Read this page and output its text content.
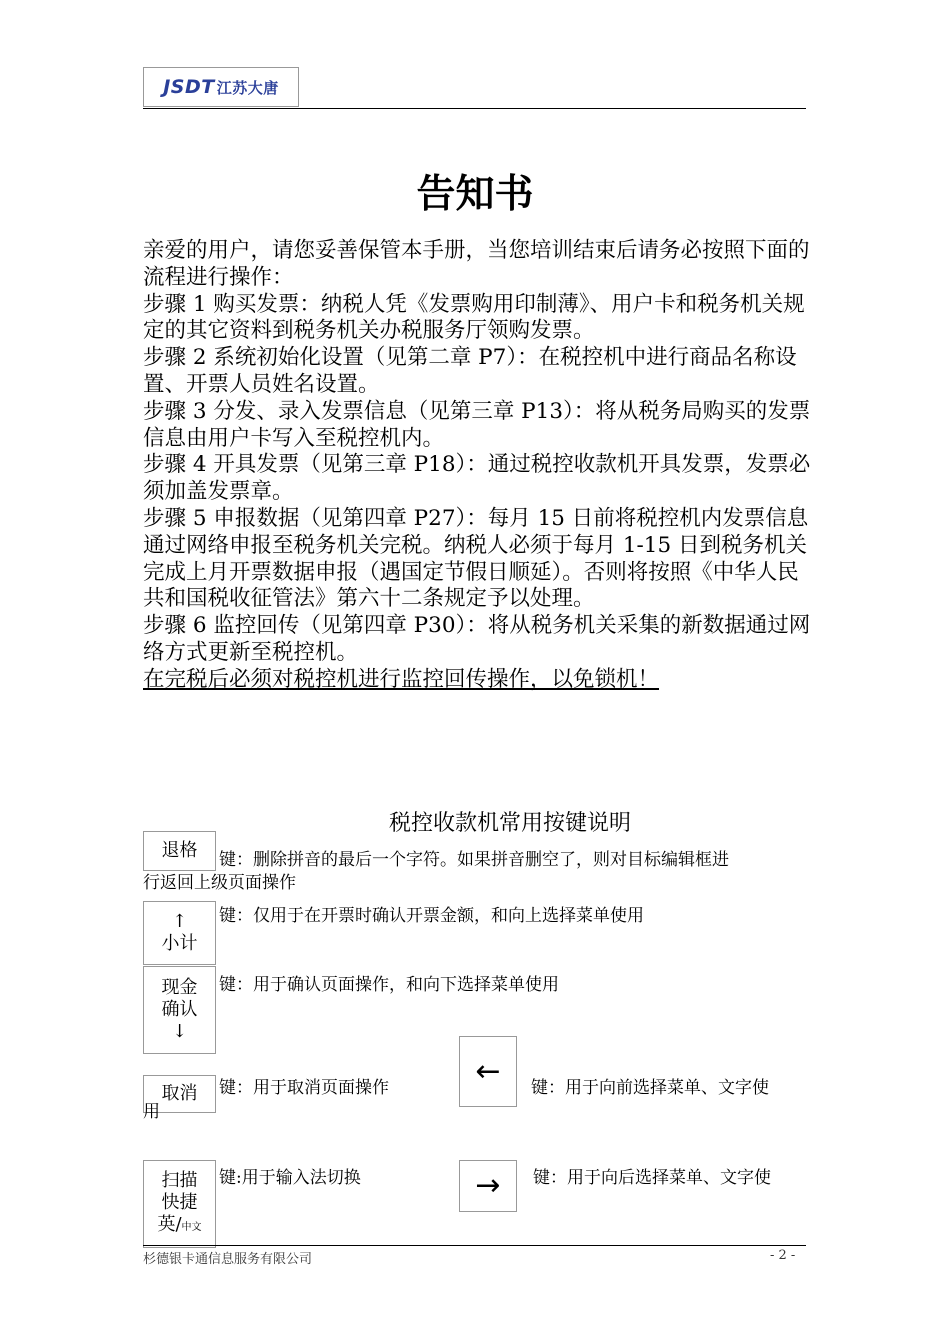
JSDT 江苏大唐
告知书

亲爱的用户，请您妥善保管本手册，当您培训结束后请务必按照下面的流程进行操作：

步骤 1 购买发票：纳税人凭《发票购用印制薄》、用户卡和税务机关规定的其它资料到税务机关办税服务厅领购发票。

步骤 2 系统初始化设置（见第二章 P7）：在税控机中进行商品名称设置、开票人员姓名设置。

步骤 3 分发、录入发票信息（见第三章 P13）：将从税务局购买的发票信息由用户卡写入至税控机内。

步骤 4 开具发票（见第三章 P18）：通过税控收款机开具发票，发票必须加盖发票章。

步骤 5 申报数据（见第四章 P27）：每月 15 日前将税控机内发票信息通过网络申报至税务机关完税。纳税人必须于每月 1-15 日到税务机关完成上月开票数据申报（遇国定节假日顺延）。否则将按照《中华人民共和国税收征管法》第六十二条规定予以处理。

步骤 6 监控回传（见第四章 P30）：将从税务机关采集的新数据通过网络方式更新至税控机。

在完税后必须对税控机进行监控回传操作，以免锁机！

税控收款机常用按键说明
退格 键：删除拼音的最后一个字符。如果拼音删空了，则对目标编辑框进
行返回上级页面操作
↑
小计
键：仅用于在开票时确认开票金额，和向上选择菜单使用
现金
确认
↓
键：用于确认页面操作，和向下选择菜单使用
取消 键：用于取消页面操作
用
← 键：用于向前选择菜单、文字使
扫描
快捷
英/中文
键:用于输入法切换	→ 键：用于向后选择菜单、文字使
杉德银卡通信息服务有限公司	- 2 -
